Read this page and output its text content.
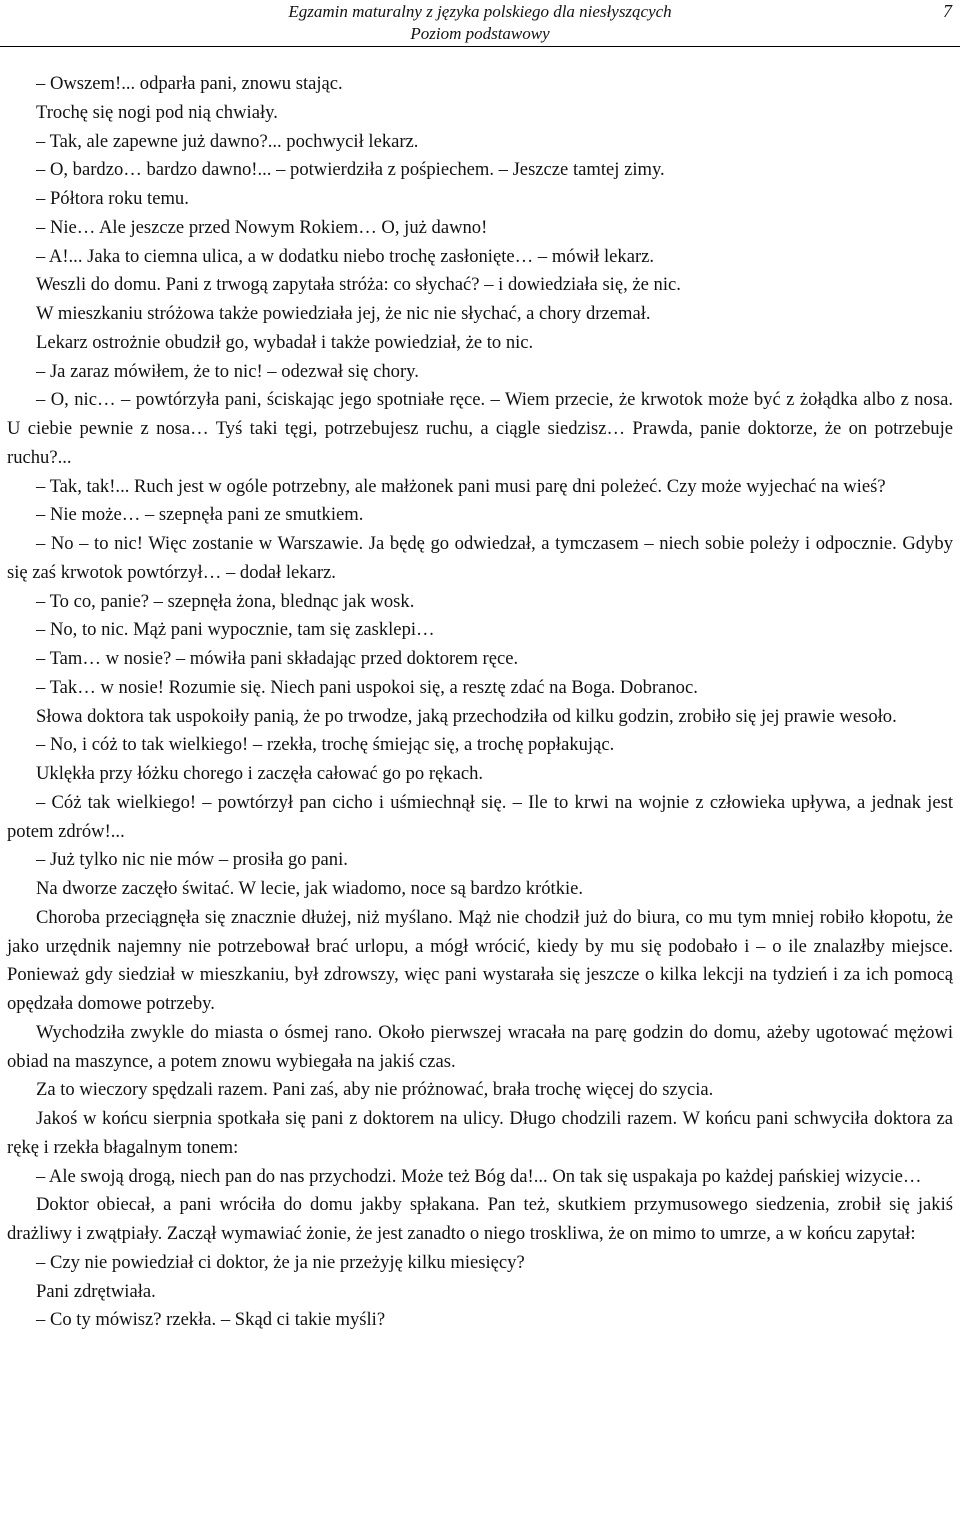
Egzamin maturalny z języka polskiego dla niesłyszących
Poziom podstawowy
7

– Owszem!... odparła pani, znowu stając.

Trochę się nogi pod nią chwiały.

– Tak, ale zapewne już dawno?... pochwycił lekarz.

– O, bardzo… bardzo dawno!... – potwierdziła z pośpiechem. – Jeszcze tamtej zimy.

– Półtora roku temu.

– Nie… Ale jeszcze przed Nowym Rokiem… O, już dawno!

– A!... Jaka to ciemna ulica, a w dodatku niebo trochę zasłonięte… – mówił lekarz.

Weszli do domu. Pani z trwogą zapytała stróża: co słychać? – i dowiedziała się, że nic.

W mieszkaniu stróżowa także powiedziała jej, że nic nie słychać, a chory drzemał.

Lekarz ostrożnie obudził go, wybadał i także powiedział, że to nic.

– Ja zaraz mówiłem, że to nic! – odezwał się chory.

– O, nic… – powtórzyła pani, ściskając jego spotniałe ręce. – Wiem przecie, że krwotok może być z żołądka albo z nosa. U ciebie pewnie z nosa… Tyś taki tęgi, potrzebujesz ruchu, a ciągle siedzisz… Prawda, panie doktorze, że on potrzebuje ruchu?...

– Tak, tak!... Ruch jest w ogóle potrzebny, ale małżonek pani musi parę dni poleżeć. Czy może wyjechać na wieś?

– Nie może… – szepnęła pani ze smutkiem.

– No – to nic! Więc zostanie w Warszawie. Ja będę go odwiedzał, a tymczasem – niech sobie poleży i odpocznie. Gdyby się zaś krwotok powtórzył… – dodał lekarz.

– To co, panie? – szepnęła żona, blednąc jak wosk.

– No, to nic. Mąż pani wypocznie, tam się zasklepi…

– Tam… w nosie? – mówiła pani składając przed doktorem ręce.

– Tak… w nosie! Rozumie się. Niech pani uspokoi się, a resztę zdać na Boga. Dobranoc.

Słowa doktora tak uspokoiły panią, że po trwodze, jaką przechodziła od kilku godzin, zrobiło się jej prawie wesoło.

– No, i cóż to tak wielkiego! – rzekła, trochę śmiejąc się, a trochę popłakując.

Uklękła przy łóżku chorego i zaczęła całować go po rękach.

– Cóż tak wielkiego! – powtórzył pan cicho i uśmiechnął się. – Ile to krwi na wojnie z człowieka upływa, a jednak jest potem zdrów!...

– Już tylko nic nie mów – prosiła go pani.

Na dworze zaczęło świtać. W lecie, jak wiadomo, noce są bardzo krótkie.

Choroba przeciągnęła się znacznie dłużej, niż myślano. Mąż nie chodził już do biura, co mu tym mniej robiło kłopotu, że jako urzędnik najemny nie potrzebował brać urlopu, a mógł wrócić, kiedy by mu się podobało i – o ile znalazłby miejsce. Ponieważ gdy siedział w mieszkaniu, był zdrowszy, więc pani wystarała się jeszcze o kilka lekcji na tydzień i za ich pomocą opędzała domowe potrzeby.

Wychodziła zwykle do miasta o ósmej rano. Około pierwszej wracała na parę godzin do domu, ażeby ugotować mężowi obiad na maszynce, a potem znowu wybiegała na jakiś czas.

Za to wieczory spędzali razem. Pani zaś, aby nie próżnować, brała trochę więcej do szycia.

Jakoś w końcu sierpnia spotkała się pani z doktorem na ulicy. Długo chodzili razem. W końcu pani schwyciła doktora za rękę i rzekła błagalnym tonem:

– Ale swoją drogą, niech pan do nas przychodzi. Może też Bóg da!... On tak się uspakaja po każdej pańskiej wizycie…

Doktor obiecał, a pani wróciła do domu jakby spłakana. Pan też, skutkiem przymusowego siedzenia, zrobił się jakiś drażliwy i zwątpiały. Zaczął wymawiać żonie, że jest zanadto o niego troskliwa, że on mimo to umrze, a w końcu zapytał:

– Czy nie powiedział ci doktor, że ja nie przeżyję kilku miesięcy?

Pani zdrętwiała.

– Co ty mówisz? rzekła. – Skąd ci takie myśli?
